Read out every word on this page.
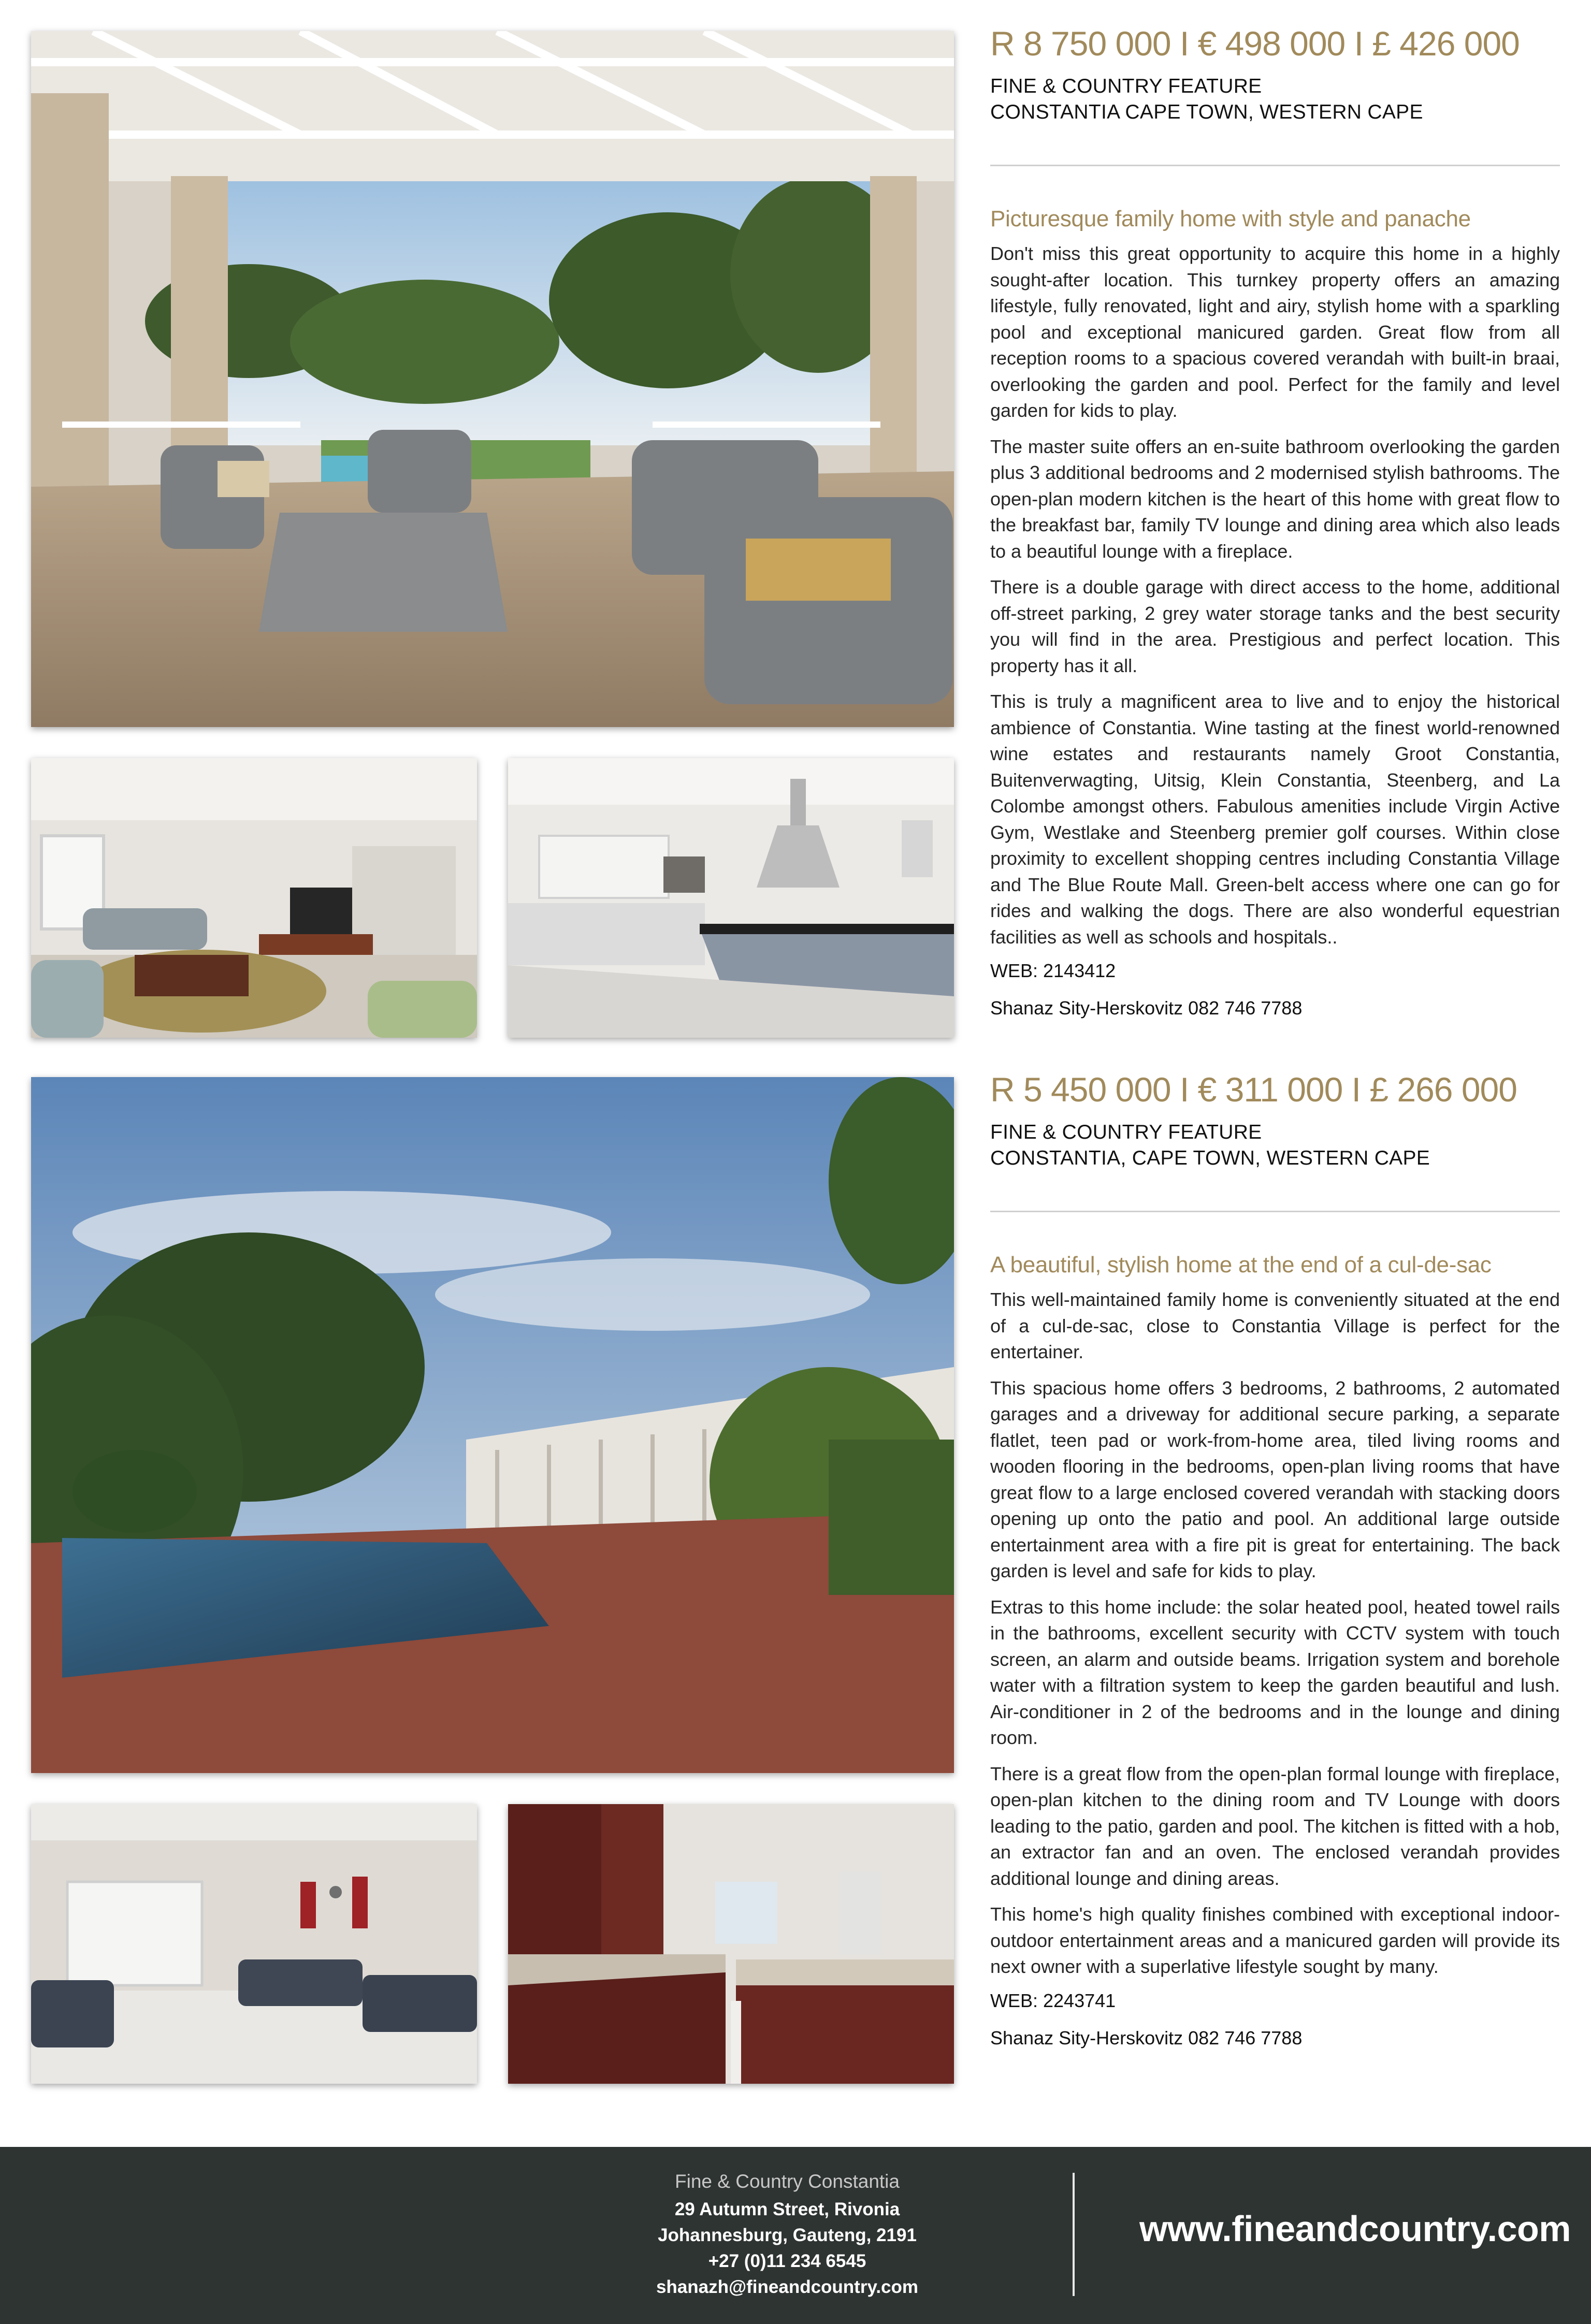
R 8 750 000 I € 498 000 I £ 426 000
FINE & COUNTRY FEATURE
CONSTANTIA CAPE TOWN, WESTERN CAPE
Picturesque family home with style and panache

Don't miss this great opportunity to acquire this home in a highly sought-after location. This turnkey property offers an amazing lifestyle, fully renovated, light and airy, stylish home with a sparkling pool and exceptional manicured garden. Great flow from all reception rooms to a spacious covered verandah with built-in braai, overlooking the garden and pool. Perfect for the family and level garden for kids to play.

The master suite offers an en-suite bathroom overlooking the garden plus 3 additional bedrooms and 2 modernised stylish bathrooms. The open-plan modern kitchen is the heart of this home with great flow to the breakfast bar, family TV lounge and dining area which also leads to a beautiful lounge with a fireplace.

There is a double garage with direct access to the home, additional off-street parking, 2 grey water storage tanks and the best security you will find in the area. Prestigious and perfect location. This property has it all.

This is truly a magnificent area to live and to enjoy the historical ambience of Constantia. Wine tasting at the finest world-renowned wine estates and restaurants namely Groot Constantia, Buitenverwagting, Uitsig, Klein Constantia, Steenberg, and La Colombe amongst others. Fabulous amenities include Virgin Active Gym, Westlake and Steenberg premier golf courses. Within close proximity to excellent shopping centres including Constantia Village and The Blue Route Mall. Green-belt access where one can go for rides and walking the dogs. There are also wonderful equestrian facilities as well as schools and hospitals..

WEB: 2143412
Shanaz Sity-Herskovitz 082 746 7788
R 5 450 000 I € 311 000 I £ 266 000
FINE & COUNTRY FEATURE
CONSTANTIA, CAPE TOWN, WESTERN CAPE
A beautiful, stylish home at the end of a cul-de-sac

This well-maintained family home is conveniently situated at the end of a cul-de-sac, close to Constantia Village is perfect for the entertainer.

This spacious home offers 3 bedrooms, 2 bathrooms, 2 automated garages and a driveway for additional secure parking, a separate flatlet, teen pad or work-from-home area, tiled living rooms and wooden flooring in the bedrooms, open-plan living rooms that have great flow to a large enclosed covered verandah with stacking doors opening up onto the patio and pool. An additional large outside entertainment area with a fire pit is great for entertaining. The back garden is level and safe for kids to play.

Extras to this home include: the solar heated pool, heated towel rails in the bathrooms, excellent security with CCTV system with touch screen, an alarm and outside beams. Irrigation system and borehole water with a filtration system to keep the garden beautiful and lush. Air-conditioner in 2 of the bedrooms and in the lounge and dining room.

There is a great flow from the open-plan formal lounge with fireplace, open-plan kitchen to the dining room and TV Lounge with doors leading to the patio, garden and pool. The kitchen is fitted with a hob, an extractor fan and an oven. The enclosed verandah provides additional lounge and dining areas.

This home's high quality finishes combined with exceptional indoor-outdoor entertainment areas and a manicured garden will provide its next owner with a superlative lifestyle sought by many.

WEB: 2243741
Shanaz Sity-Herskovitz 082 746 7788
Fine & Country Constantia
29 Autumn Street, Rivonia
Johannesburg, Gauteng, 2191
+27 (0)11 234 6545
shanazh@fineandcountry.com
www.fineandcountry.com
